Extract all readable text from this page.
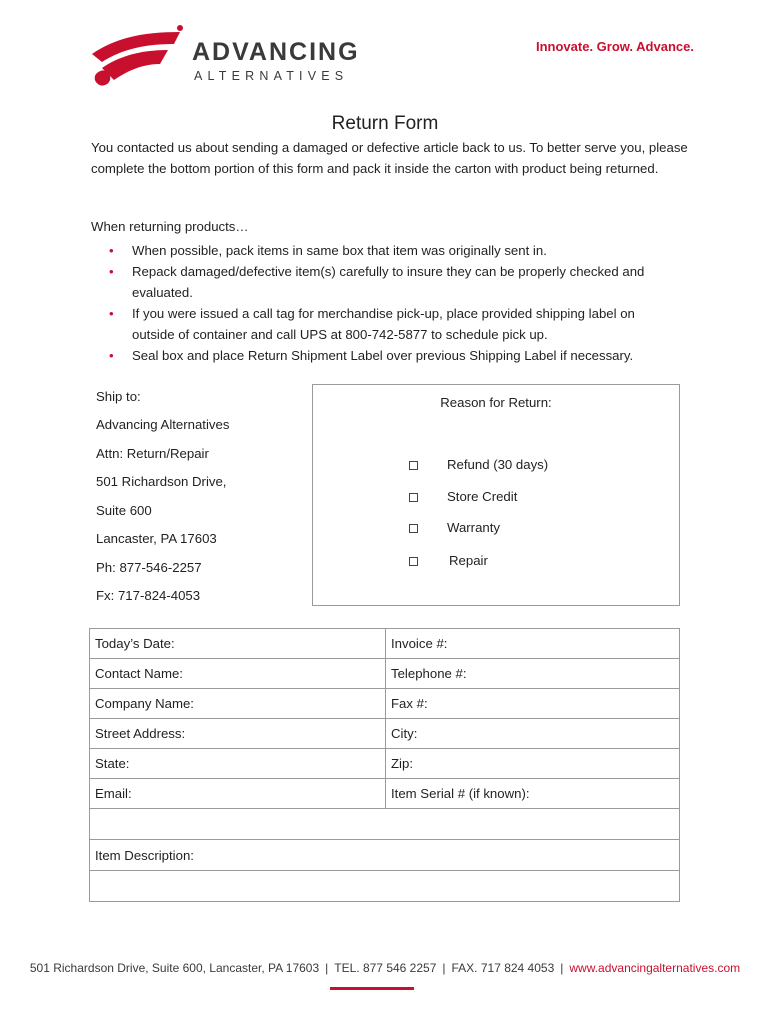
ADVANCING
ALTERNATIVES
Innovate. Grow. Advance.
Return Form
You contacted us about sending a damaged or defective article back to us. To better serve you, please complete the bottom portion of this form and pack it inside the carton with product being returned.
When returning products…
• When possible, pack items in same box that item was originally sent in.
• Repack damaged/defective item(s) carefully to insure they can be properly checked and evaluated.
• If you were issued a call tag for merchandise pick-up, place provided shipping label on outside of container and call UPS at 800-742-5877 to schedule pick up.
• Seal box and place Return Shipment Label over previous Shipping Label if necessary.
Ship to:
Advancing Alternatives
Attn: Return/Repair
501 Richardson Drive,
Suite 600
Lancaster, PA 17603
Ph: 877-546-2257
Fx: 717-824-4053
Reason for Return:
Refund (30 days)
Store Credit
Warranty
Repair
Today’s Date:	Invoice #:
Contact Name:	Telephone #:
Company Name:	Fax #:
Street Address:	City:
State:	Zip:
Email:	Item Serial # (if known):

Item Description:	

501 Richardson Drive, Suite 600, Lancaster, PA 17603 | TEL. 877 546 2257 | FAX. 717 824 4053 | www.advancingalternatives.com
